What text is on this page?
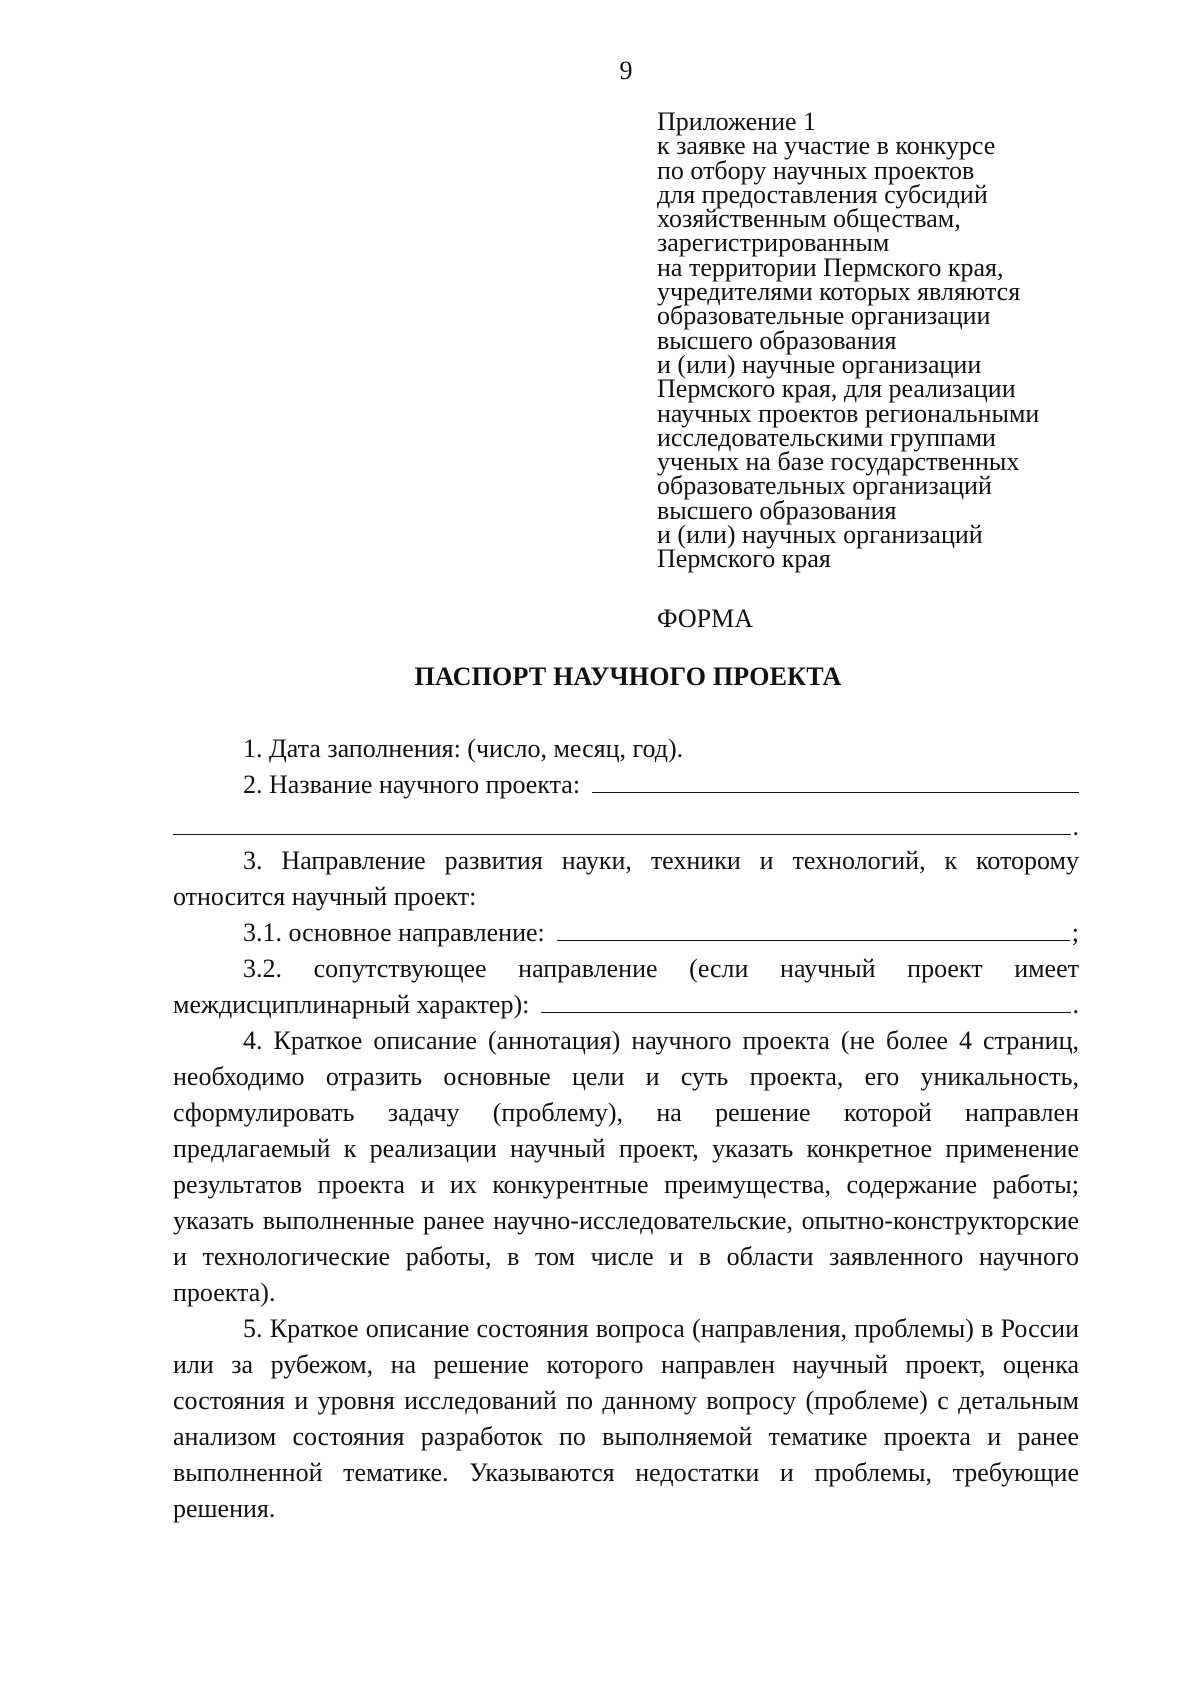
9
Приложение 1
к заявке на участие в конкурсе
по отбору научных проектов
для предоставления субсидий
хозяйственным обществам,
зарегистрированным
на территории Пермского края,
учредителями которых являются
образовательные организации
высшего образования
и (или) научные организации
Пермского края, для реализации
научных проектов региональными
исследовательскими группами
ученых на базе государственных
образовательных организаций
высшего образования
и (или) научных организаций
Пермского края
ФОРМА
ПАСПОРТ НАУЧНОГО ПРОЕКТА
1. Дата заполнения: (число, месяц, год).
2. Название научного проекта:
.

3. Направление развития науки, техники и технологий, к которому относится научный проект:

3.1. основное направление:	;
3.2. сопутствующее направление (если научный проект имеет
междисциплинарный характер):	.

4. Краткое описание (аннотация) научного проекта (не более 4 страниц, необходимо отразить основные цели и суть проекта, его уникальность, сформулировать задачу (проблему), на решение которой направлен предлагаемый к реализации научный проект, указать конкретное применение результатов проекта и их конкурентные преимущества, содержание работы; указать выполненные ранее научно-исследовательские, опытно-конструкторские и технологические работы, в том числе и в области заявленного научного проекта).

5. Краткое описание состояния вопроса (направления, проблемы) в России или за рубежом, на решение которого направлен научный проект, оценка состояния и уровня исследований по данному вопросу (проблеме) с детальным анализом состояния разработок по выполняемой тематике проекта и ранее выполненной тематике. Указываются недостатки и проблемы, требующие решения.
